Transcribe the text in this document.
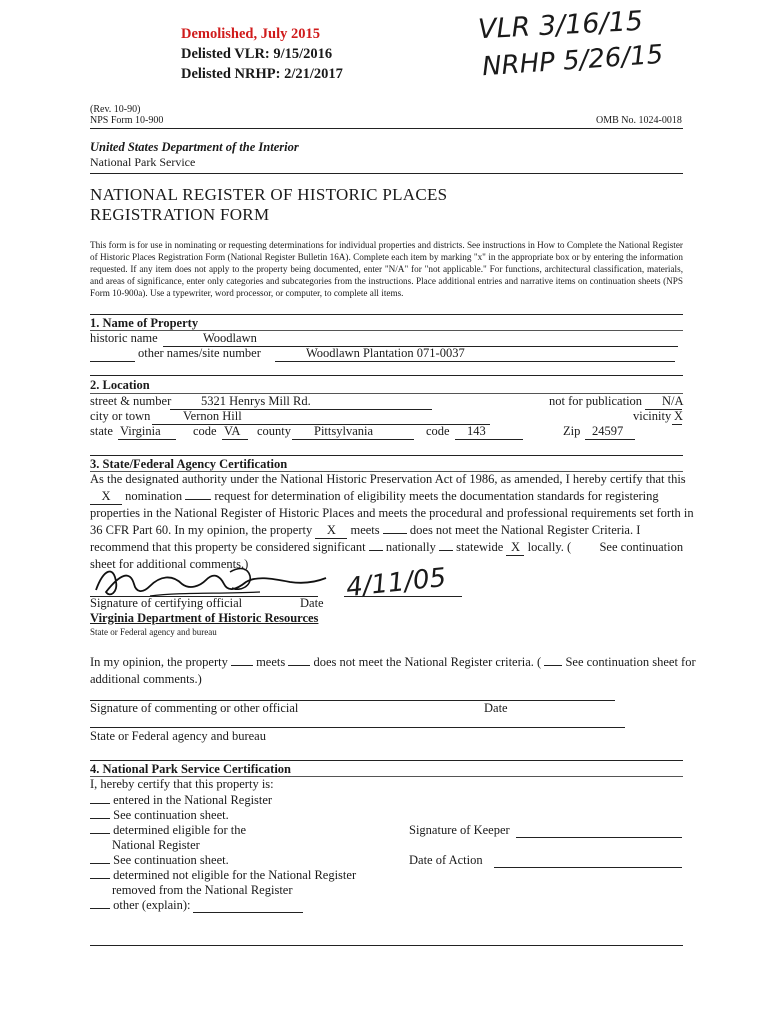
Demolished, July 2015
Delisted VLR: 9/15/2016
Delisted NRHP: 2/21/2017
VLR 3/16/15
NRHP 5/26/15
(Rev. 10-90)
NPS Form 10-900	OMB No. 1024-0018
United States Department of the Interior
National Park Service
NATIONAL REGISTER OF HISTORIC PLACES
REGISTRATION FORM
This form is for use in nominating or requesting determinations for individual properties and districts. See instructions in How to Complete the National Register of Historic Places Registration Form (National Register Bulletin 16A). Complete each item by marking "x" in the appropriate box or by entering the information requested. If any item does not apply to the property being documented, enter "N/A" for "not applicable." For functions, architectural classification, materials, and areas of significance, enter only categories and subcategories from the instructions. Place additional entries and narrative items on continuation sheets (NPS Form 10-900a). Use a typewriter, word processor, or computer, to complete all items.
1. Name of Property
historic name	Woodlawn
other names/site number	Woodlawn Plantation 071-0037
2. Location
street & number 5321 Henrys Mill Rd.	not for publication N/A
city or town	Vernon Hill	vicinity X
state Virginia	code VA county Pittsylvania	code 143	Zip 24597
3. State/Federal Agency Certification
As the designated authority under the National Historic Preservation Act of 1986, as amended, I hereby certify that this
X nomination	request for determination of eligibility meets the documentation standards for registering
properties in the National Register of Historic Places and meets the procedural and professional requirements set forth in
36 CFR Part 60. In my opinion, the property X meets does not meet the National Register Criteria. I
recommend that this property be considered significant nationally statewide X locally. ( See continuation
sheet for additional comments.)	4/11/05
Signature of certifying official	Date
Virginia Department of Historic Resources
State or Federal agency and bureau
In my opinion, the property meets does not meet the National Register criteria. ( See continuation sheet for
additional comments.)
Signature of commenting or other official	Date
State or Federal agency and bureau
4. National Park Service Certification
I, hereby certify that this property is:
entered in the National Register
See continuation sheet.
determined eligible for the
National Register
See continuation sheet.
determined not eligible for the National Register
removed from the National Register
other (explain):
Signature of Keeper
Date of Action
